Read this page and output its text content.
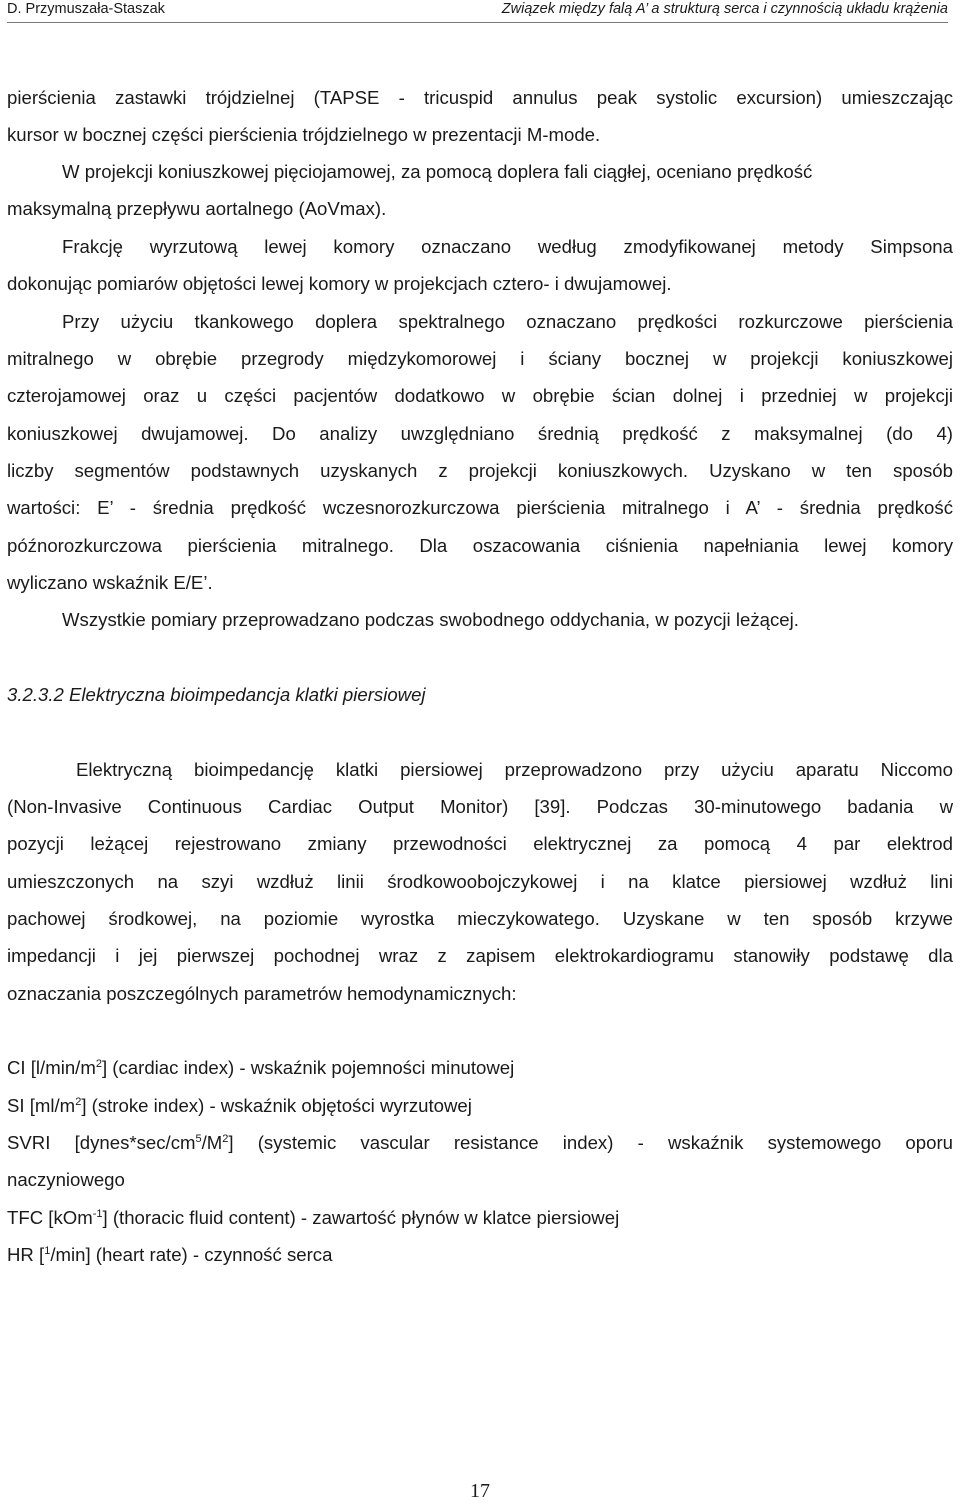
D. Przymuszała-Staszak	Związek między falą A’ a strukturą serca i czynnością układu krążenia
pierścienia zastawki trójdzielnej (TAPSE - tricuspid annulus peak systolic excursion) umieszczając
kursor w bocznej części pierścienia trójdzielnego w prezentacji M-mode.
W projekcji koniuszkowej pięciojamowej, za pomocą doplera fali ciągłej, oceniano prędkość
maksymalną przepływu aortalnego (AoVmax).
Frakcję wyrzutową lewej komory oznaczano według zmodyfikowanej metody Simpsona
dokonując pomiarów objętości lewej komory w projekcjach cztero- i dwujamowej.
Przy użyciu tkankowego doplera spektralnego oznaczano prędkości rozkurczowe pierścienia
mitralnego w obrębie przegrody międzykomorowej i ściany bocznej w projekcji koniuszkowej
czterojamowej oraz u części pacjentów dodatkowo w obrębie ścian dolnej i przedniej w projekcji
koniuszkowej dwujamowej. Do analizy uwzględniano średnią prędkość z maksymalnej (do 4)
liczby segmentów podstawnych uzyskanych z projekcji koniuszkowych. Uzyskano w ten sposób
wartości: E’ - średnia prędkość wczesnorozkurczowa pierścienia mitralnego i A’ - średnia prędkość
późnorozkurczowa pierścienia mitralnego. Dla oszacowania ciśnienia napełniania lewej komory
wyliczano wskaźnik E/E’.
Wszystkie pomiary przeprowadzano podczas swobodnego oddychania, w pozycji leżącej.
3.2.3.2 Elektryczna bioimpedancja klatki piersiowej
Elektryczną bioimpedancję klatki piersiowej przeprowadzono przy użyciu aparatu Niccomo
(Non-Invasive Continuous Cardiac Output Monitor) [39]. Podczas 30-minutowego badania w
pozycji leżącej rejestrowano zmiany przewodności elektrycznej za pomocą 4 par elektrod
umieszczonych na szyi wzdłuż linii środkowoobojczykowej i na klatce piersiowej wzdłuż lini
pachowej środkowej, na poziomie wyrostka mieczykowatego. Uzyskane w ten sposób krzywe
impedancji i jej pierwszej pochodnej wraz z zapisem elektrokardiogramu stanowiły podstawę dla
oznaczania poszczególnych parametrów hemodynamicznych:
CI $[l/\min/m^2]$ (cardiac index) - wskaźnik pojemności minutowej
SI $[ml/m^2]$ (stroke index) - wskaźnik objętości wyrzutowej
SVRI $[dynes*\sec/cm^5/M^2]$ (systemic vascular resistance index) - wskaźnik systemowego oporu
naczyniowego
TFC [kOm$^{-1}$] (thoracic fluid content) - zawartość płynów w klatce piersiowej
HR [$^1$/min] (heart rate) - czynność serca
17
